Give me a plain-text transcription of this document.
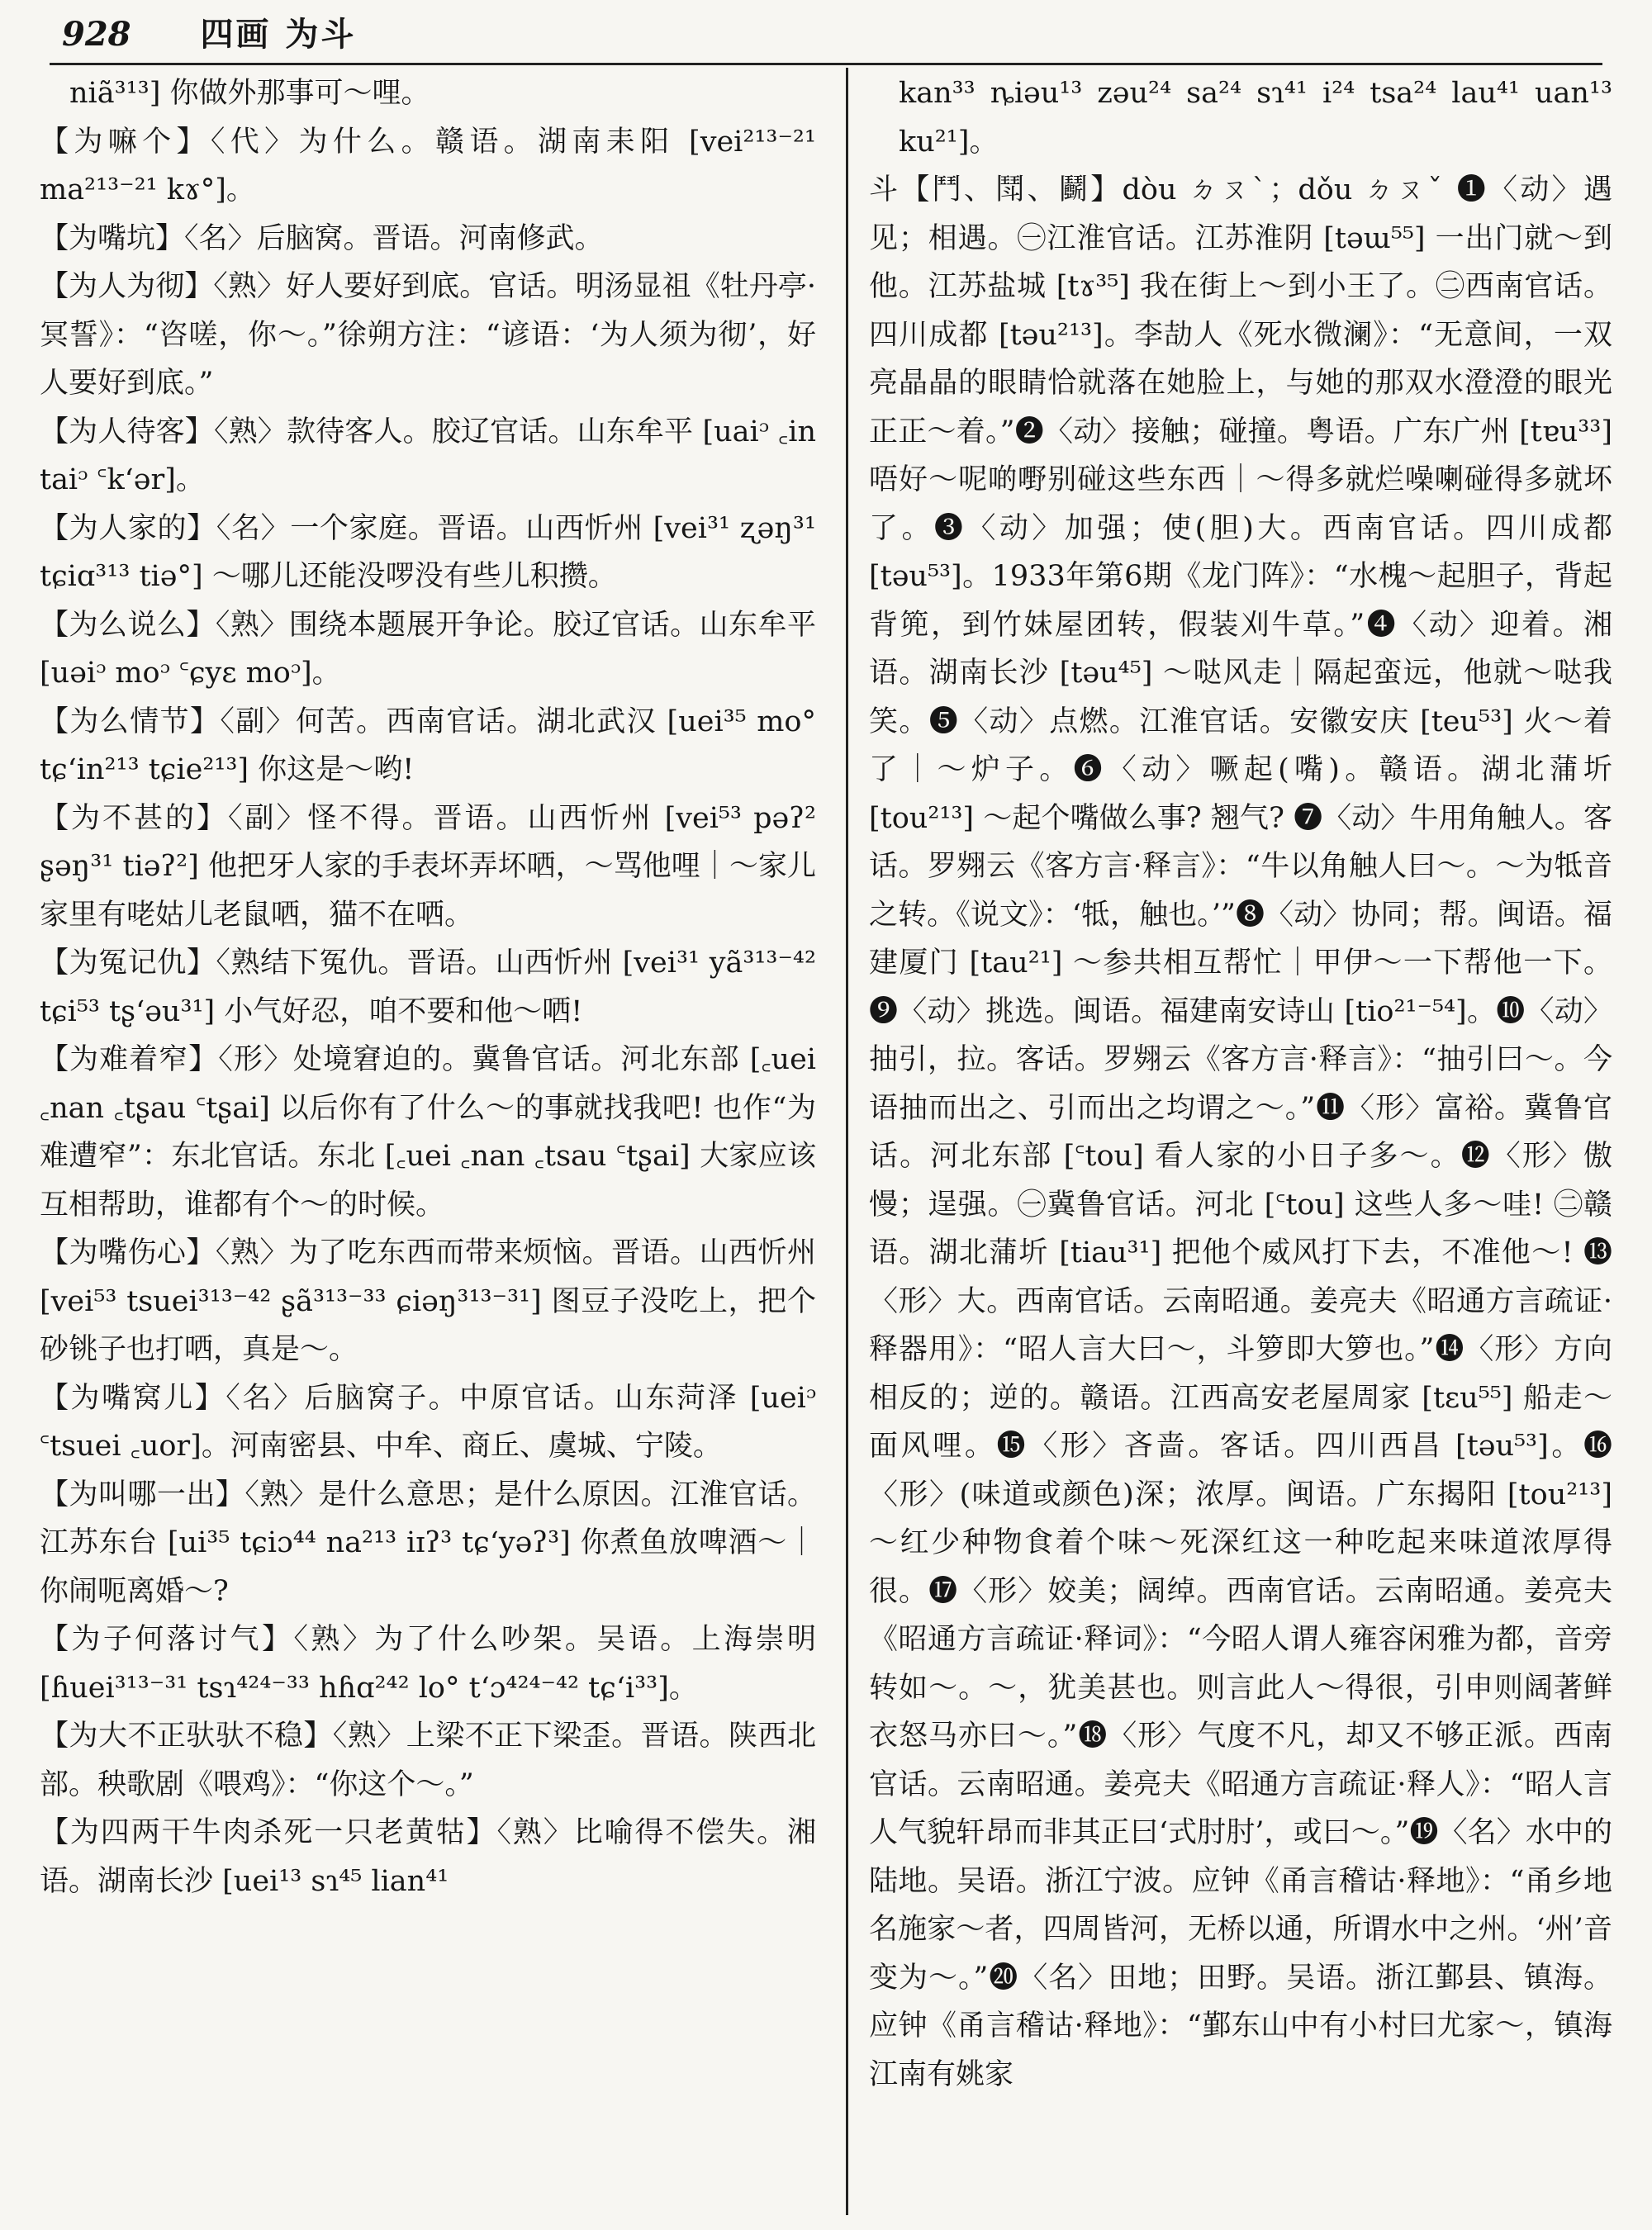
928 四画 为斗

niã³¹³] 你做外那事可～哩。

【为嘛个】〈代〉为什么。赣语。湖南耒阳 [vei²¹³⁻²¹ ma²¹³⁻²¹ kɤ°]。

【为嘴坑】〈名〉后脑窝。晋语。河南修武。

【为人为彻】〈熟〉好人要好到底。官话。明汤显祖《牡丹亭·冥誓》：“咨嗟，你～。”徐朔方注：“谚语：‘为人须为彻’，好人要好到底。”

【为人待客】〈熟〉款待客人。胶辽官话。山东牟平 [uaiᵓ ꜀in taiᵓ ꜂k‘ər]。

【为人家的】〈名〉一个家庭。晋语。山西忻州 [vei³¹ ʐəŋ³¹ tɕiɑ³¹³ tiə°] ～哪儿还能没啰没有些儿积攒。

【为么说么】〈熟〉围绕本题展开争论。胶辽官话。山东牟平 [uəiᵓ moᵓ ꜂ɕyɛ moᵓ]。

【为么情节】〈副〉何苦。西南官话。湖北武汉 [uei³⁵ mo° tɕ‘in²¹³ tɕie²¹³] 你这是～哟!

【为不甚的】〈副〉怪不得。晋语。山西忻州 [vei⁵³ pəʔ² ʂəŋ³¹ tiəʔ²] 他把牙人家的手表坏弄坏哂，～骂他哩｜～家儿家里有咾姑儿老鼠哂，猫不在哂。

【为冤记仇】〈熟结下冤仇。晋语。山西忻州 [vei³¹ yã³¹³⁻⁴² tɕi⁵³ tʂ‘əu³¹] 小气好忍，咱不要和他～哂!

【为难着窄】〈形〉处境窘迫的。冀鲁官话。河北东部 [꜀uei ꜀nan ꜀tʂau ꜂tʂai] 以后你有了什么～的事就找我吧! 也作“为难遭窄”：东北官话。东北 [꜀uei ꜀nan ꜀tsau ꜂tʂai] 大家应该互相帮助，谁都有个～的时候。

【为嘴伤心】〈熟〉为了吃东西而带来烦恼。晋语。山西忻州 [vei⁵³ tsuei³¹³⁻⁴² ʂã³¹³⁻³³ ɕiəŋ³¹³⁻³¹] 图豆子没吃上，把个砂铫子也打哂，真是～。

【为嘴窝儿】〈名〉后脑窝子。中原官话。山东菏泽 [ueiᵓ ꜂tsuei ꜀uor]。河南密县、中牟、商丘、虞城、宁陵。

【为叫哪一出】〈熟〉是什么意思；是什么原因。江淮官话。江苏东台 [ui³⁵ tɕiɔ⁴⁴ na²¹³ iɪʔ³ tɕ‘yəʔ³] 你煮鱼放啤酒～｜你闹呃离婚～?

【为子何落讨气】〈熟〉为了什么吵架。吴语。上海崇明 [ɦuei³¹³⁻³¹ tsɿ⁴²⁴⁻³³ hɦɑ²⁴² lo° t‘ɔ⁴²⁴⁻⁴² tɕ‘i³³]。

【为大不正驮驮不稳】〈熟〉上梁不正下梁歪。晋语。陕西北部。秧歌剧《喂鸡》：“你这个～。”

【为四两干牛肉杀死一只老黄牯】〈熟〉比喻得不偿失。湘语。湖南长沙 [uei¹³ sɿ⁴⁵ lian⁴¹

kan³³ ȵiəu¹³ zəu²⁴ sa²⁴ sɿ⁴¹ i²⁴ tsa²⁴ lau⁴¹ uan¹³ ku²¹]。

斗【鬥、鬦、鬬】dòu ㄉㄡˋ；dǒu ㄉㄡˇ ❶〈动〉遇见；相遇。㊀江淮官话。江苏淮阴 [təɯ⁵⁵] 一出门就～到他。江苏盐城 [tɤ³⁵] 我在街上～到小王了。㊁西南官话。四川成都 [təu²¹³]。李劼人《死水微澜》：“无意间，一双亮晶晶的眼睛恰就落在她脸上，与她的那双水澄澄的眼光正正～着。”❷〈动〉接触；碰撞。粤语。广东广州 [tɐu³³] 唔好～呢啲嘢别碰这些东西｜～得多就烂噪喇碰得多就坏了。❸〈动〉加强；使(胆)大。西南官话。四川成都 [təu⁵³]。1933年第6期《龙门阵》：“水槐～起胆子，背起背篼，到竹妹屋团转，假装刈牛草。”❹〈动〉迎着。湘语。湖南长沙 [təu⁴⁵] ～哒风走｜隔起蛮远，他就～哒我笑。❺〈动〉点燃。江淮官话。安徽安庆 [teu⁵³] 火～着了｜～炉子。❻〈动〉噘起(嘴)。赣语。湖北蒲圻 [tou²¹³] ～起个嘴做么事? 翘气? ❼〈动〉牛用角触人。客话。罗翙云《客方言·释言》：“牛以角触人曰～。～为牴音之转。《说文》：‘牴，触也。’”❽〈动〉协同；帮。闽语。福建厦门 [tau²¹] ～参共相互帮忙｜甲伊～一下帮他一下。❾〈动〉挑选。闽语。福建南安诗山 [tio²¹⁻⁵⁴]。❿〈动〉抽引，拉。客话。罗翙云《客方言·释言》：“抽引曰～。今语抽而出之、引而出之均谓之～。”⓫〈形〉富裕。冀鲁官话。河北东部 [꜂tou] 看人家的小日子多～。⓬〈形〉傲慢；逞强。㊀冀鲁官话。河北 [꜂tou] 这些人多～哇! ㊁赣语。湖北蒲圻 [tiau³¹] 把他个威风打下去，不准他～! ⓭〈形〉大。西南官话。云南昭通。姜亮夫《昭通方言疏证·释器用》：“昭人言大曰～，斗箩即大箩也。”⓮〈形〉方向相反的；逆的。赣语。江西高安老屋周家 [tɛu⁵⁵] 船走～面风哩。⓯〈形〉吝啬。客话。四川西昌 [təu⁵³]。⓰〈形〉(味道或颜色)深；浓厚。闽语。广东揭阳 [tou²¹³] ～红少种物食着个味～死深红这一种吃起来味道浓厚得很。⓱〈形〉姣美；阔绰。西南官话。云南昭通。姜亮夫《昭通方言疏证·释词》：“今昭人谓人雍容闲雅为都，音旁转如～。～，犹美甚也。则言此人～得很，引申则阔著鲜衣怒马亦曰～。”⓲〈形〉气度不凡，却又不够正派。西南官话。云南昭通。姜亮夫《昭通方言疏证·释人》：“昭人言人气貌轩昂而非其正曰‘式肘肘’，或曰～。”⓳〈名〉水中的陆地。吴语。浙江宁波。应钟《甬言稽诂·释地》：“甬乡地名施家～者，四周皆河，无桥以通，所谓水中之州。‘州’音变为～。”⓴〈名〉田地；田野。吴语。浙江鄞县、镇海。应钟《甬言稽诂·释地》：“鄞东山中有小村曰尤家～，镇海江南有姚家
